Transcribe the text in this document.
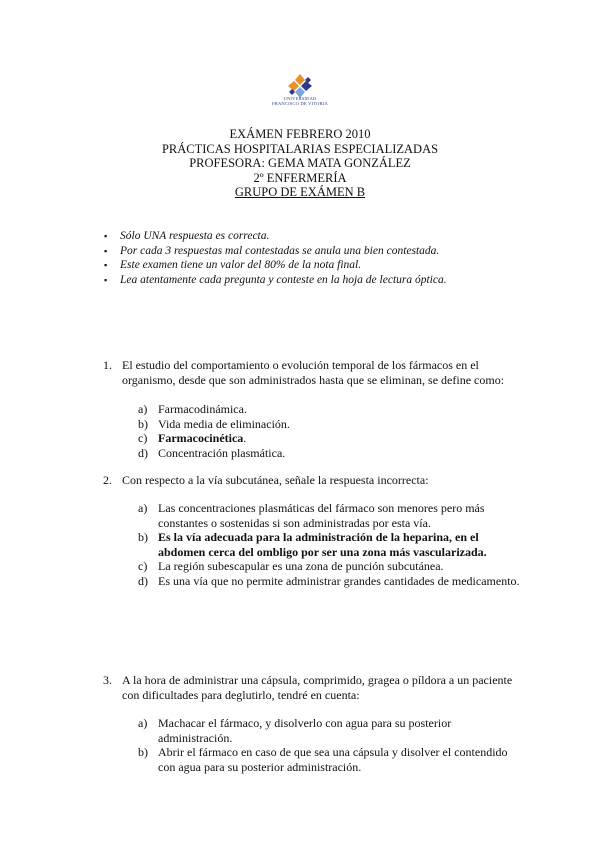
UNIVERSIDAD
FRANCISCO DE VITORIA
EXÁMEN FEBRERO 2010
PRÁCTICAS HOSPITALARIAS ESPECIALIZADAS
PROFESORA: GEMA MATA GONZÁLEZ
2º ENFERMERÍA
GRUPO DE EXÁMEN B
▪ Sólo UNA respuesta es correcta.
▪ Por cada 3 respuestas mal contestadas se anula una bien contestada.
▪ Este examen tiene un valor del 80% de la nota final.
▪ Lea atentamente cada pregunta y conteste en la hoja de lectura óptica.
1. El estudio del comportamiento o evolución temporal de los fármacos en el organismo, desde que son administrados hasta que se eliminan, se define como:
a) Farmacodinámica.
b) Vida media de eliminación.
c) Farmacocinética.
d) Concentración plasmática.
2. Con respecto a la vía subcutánea, señale la respuesta incorrecta:
a) Las concentraciones plasmáticas del fármaco son menores pero más constantes o sostenidas si son administradas por esta vía.
b) Es la vía adecuada para la administración de la heparina, en el abdomen cerca del ombligo por ser una zona más vascularizada.
c) La región subescapular es una zona de punción subcutánea.
d) Es una vía que no permite administrar grandes cantidades de medicamento.
3. A la hora de administrar una cápsula, comprimido, gragea o píldora a un paciente con dificultades para deglutirlo, tendré en cuenta:
a) Machacar el fármaco, y disolverlo con agua para su posterior administración.
b) Abrir el fármaco en caso de que sea una cápsula y disolver el contendido con agua para su posterior administración.
